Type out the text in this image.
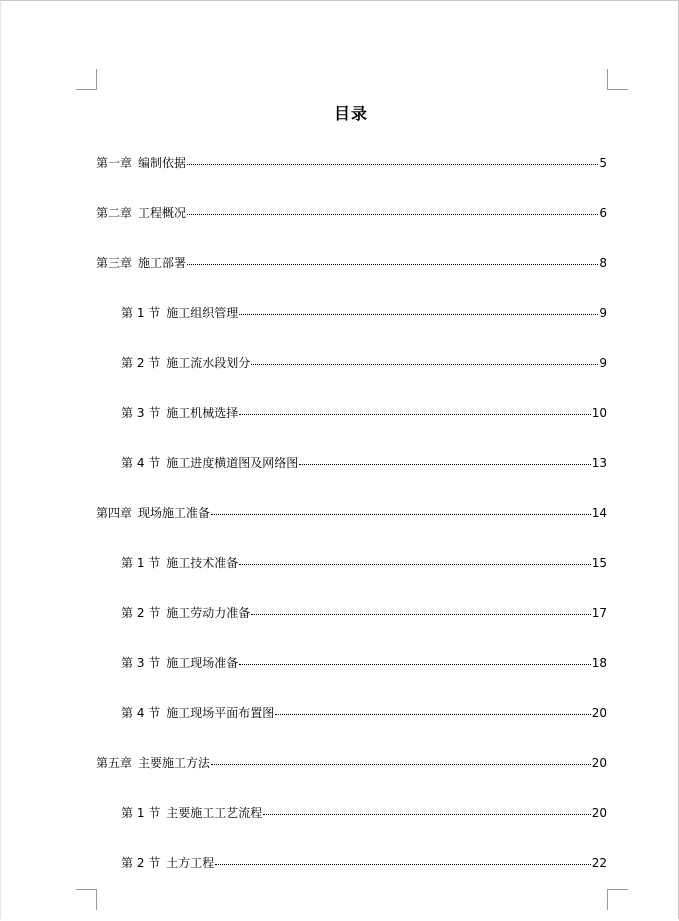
目录
第一章 编制依据	5
第二章 工程概况	6
第三章 施工部署	8
第 1 节 施工组织管理	9
第 2 节 施工流水段划分	9
第 3 节 施工机械选择	10
第 4 节 施工进度横道图及网络图	13
第四章 现场施工准备	14
第 1 节 施工技术准备	15
第 2 节 施工劳动力准备	17
第 3 节 施工现场准备	18
第 4 节 施工现场平面布置图	20
第五章 主要施工方法	20
第 1 节 主要施工工艺流程	20
第 2 节 土方工程	22
